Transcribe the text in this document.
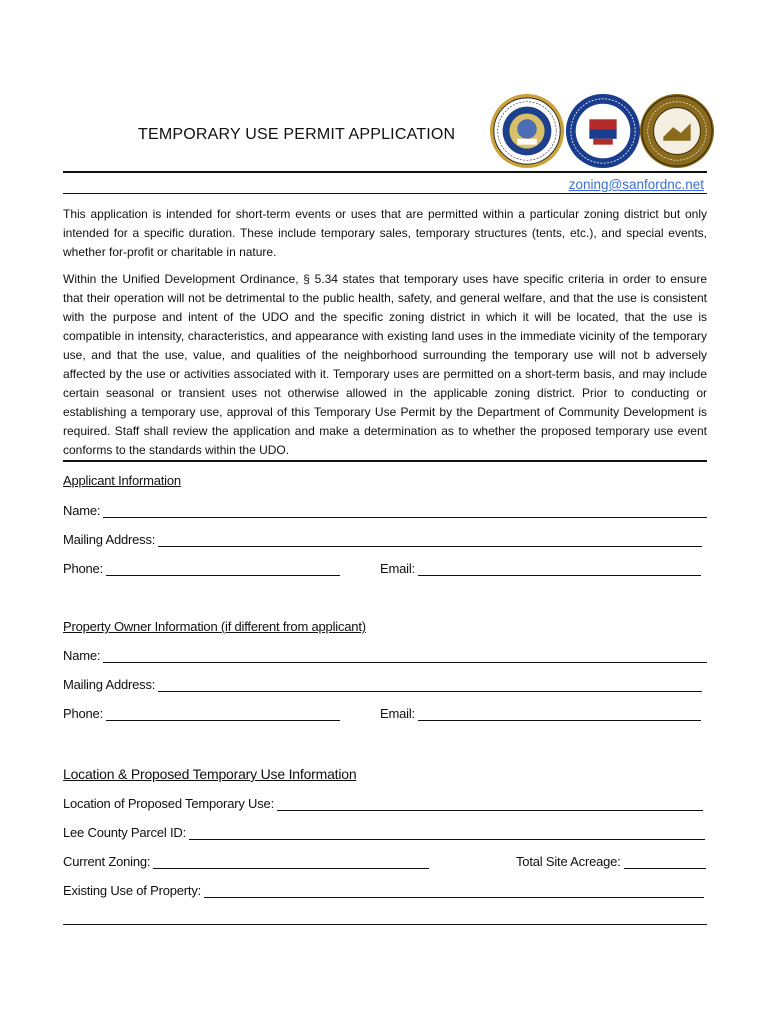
TEMPORARY USE PERMIT APPLICATION
zoning@sanfordnc.net

This application is intended for short-term events or uses that are permitted within a particular zoning district but only intended for a specific duration. These include temporary sales, temporary structures (tents, etc.), and special events, whether for-profit or charitable in nature.

Within the Unified Development Ordinance, § 5.34 states that temporary uses have specific criteria in order to ensure that their operation will not be detrimental to the public health, safety, and general welfare, and that the use is consistent with the purpose and intent of the UDO and the specific zoning district in which it will be located, that the use is compatible in intensity, characteristics, and appearance with existing land uses in the immediate vicinity of the temporary use, and that the use, value, and qualities of the neighborhood surrounding the temporary use will not b adversely affected by the use or activities associated with it. Temporary uses are permitted on a short-term basis, and may include certain seasonal or transient uses not otherwise allowed in the applicable zoning district. Prior to conducting or establishing a temporary use, approval of this Temporary Use Permit by the Department of Community Development is required. Staff shall review the application and make a determination as to whether the proposed temporary use event conforms to the standards within the UDO.

Applicant Information
Name:
Mailing Address:
Phone:	Email:
Property Owner Information (if different from applicant)
Name:
Mailing Address:
Phone:	Email:
Location & Proposed Temporary Use Information
Location of Proposed Temporary Use:
Lee County Parcel ID:
Current Zoning:	Total Site Acreage:
Existing Use of Property:
